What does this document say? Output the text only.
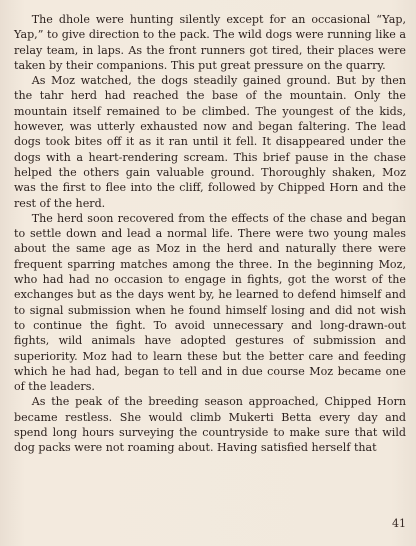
The dhole were hunting silently except for an occasional “Yap, Yap,” to give direction to the pack. The wild dogs were running like a relay team, in laps. As the front runners got tired, their places were taken by their companions. This put great pressure on the quarry.

As Moz watched, the dogs steadily gained ground. But by then the tahr herd had reached the base of the mountain. Only the mountain itself remained to be climbed. The youngest of the kids, however, was utterly exhausted now and began faltering. The lead dogs took bites off it as it ran until it fell. It disappeared under the dogs with a heart-rendering scream. This brief pause in the chase helped the others gain valuable ground. Thoroughly shaken, Moz was the first to flee into the cliff, followed by Chipped Horn and the rest of the herd.

The herd soon recovered from the effects of the chase and began to settle down and lead a normal life. There were two young males about the same age as Moz in the herd and naturally there were frequent sparring matches among the three. In the beginning Moz, who had had no occasion to engage in fights, got the worst of the exchanges but as the days went by, he learned to defend himself and to signal submission when he found himself losing and did not wish to continue the fight. To avoid unnecessary and long-drawn-out fights, wild animals have adopted gestures of submission and superiority. Moz had to learn these but the better care and feeding which he had had, began to tell and in due course Moz became one of the leaders.

As the peak of the breeding season approached, Chipped Horn became restless. She would climb Mukerti Betta every day and spend long hours surveying the countryside to make sure that wild dog packs were not roaming about. Having satisfied herself that

41
